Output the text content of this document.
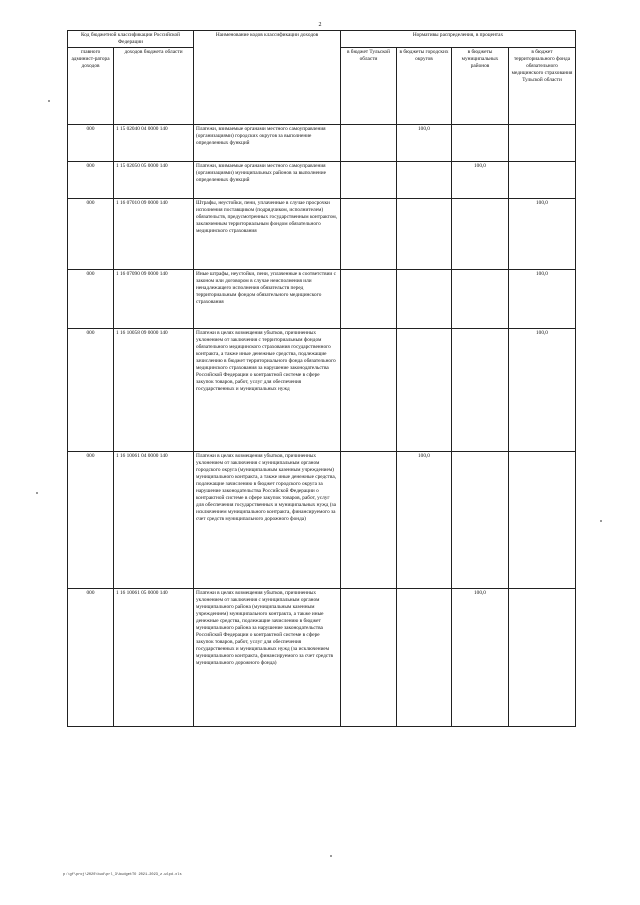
2
Код бюджетной классификации Российской Федерации		Наименование кодов классификации доходов	Нормативы распределения, в процентах			
главного админист-ратора доходов	доходов бюджета области		в бюджет Тульской области	в бюджеты городских округов	в бюджеты муниципальных районов	в бюджет территориального фонда обязательного медицинского страхования Тульской области
000	1 15 02040 04 0000 140	Платежи, взимаемые органами местного самоуправления (организациями) городских округов за выполнение определенных функций		100,0		
000	1 15 02050 05 0000 140	Платежи, взимаемые органами местного самоуправления (организациями) муниципальных районов за выполнение определенных функций			100,0	
000	1 16 07010 09 0000 140	Штрафы, неустойки, пени, уплаченные в случае просрочки исполнения поставщиком (подрядчиком, исполнителем) обязательств, предусмотренных государственным контрактом, заключенным территориальным фондом обязательного медицинского страхования				100,0
000	1 16 07090 09 0000 140	Иные штрафы, неустойки, пени, уплаченные в соответствии с законом или договором в случае неисполнения или ненадлежащего исполнения обязательств перед территориальным фондом обязательного медицинского страхования				100,0
000	1 16 10058 09 0000 140	Платежи в целях возмещения убытков, причиненных уклонением от заключения с территориальным фондом обязательного медицинского страхования государственного контракта, а также иные денежные средства, подлежащие зачислению в бюджет территориального фонда обязательного медицинского страхования за нарушение законодательства Российской Федерации о контрактной системе в сфере закупок товаров, работ, услуг для обеспечения государственных и муниципальных нужд				100,0
000	1 16 10061 04 0000 140	Платежи в целях возмещения убытков, причиненных уклонением от заключения с муниципальным органом городского округа (муниципальным казенным учреждением) муниципального контракта, а также иные денежные средства, подлежащие зачислению в бюджет городского округа за нарушение законодательства Российской Федерации о контрактной системе в сфере закупок товаров, работ, услуг для обеспечения государственных и муниципальных нужд (за исключением муниципального контракта, финансируемого за счет средств муниципального дорожного фонда)		100,0		
000	1 16 10061 05 0000 140	Платежи в целях возмещения убытков, причиненных уклонением от заключения с муниципальным органом муниципального района (муниципальным казенным учреждением) муниципального контракта, а также иные денежные средства, подлежащие зачислению в бюджет муниципального района за нарушение законодательства Российской Федерации о контрактной системе в сфере закупок товаров, работ, услуг для обеспечения государственных и муниципальных нужд (за исключением муниципального контракта, финансируемого за счет средств муниципального дорожного фонда)			100,0	
p:\gf\proj\2020\bud\prl_3\budgetTO 2021-2023_z.wlpd.xls
